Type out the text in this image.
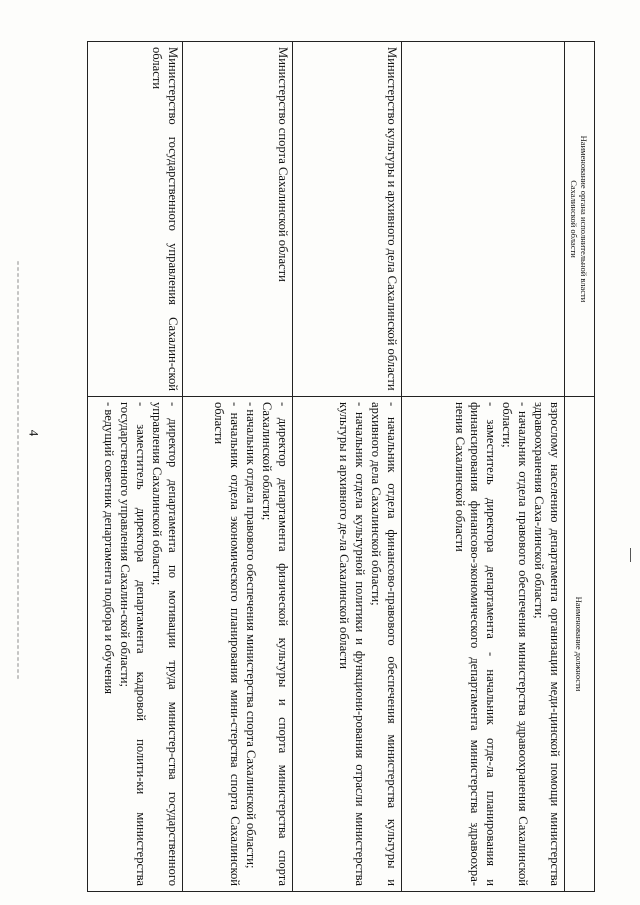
4
Наименование органа исполнительной власти
Сахалинской области	Наименование должности

	взрослому населению департамента организации меди-цинской помощи министерства здравоохранения Саха-линской области;
- начальник отдела правового обеспечения министерства здравоохранения Сахалинской области;
- заместитель директора департамента - начальник отде-ла планирования и финансирования финансово-экономического департамента министерства здравоохра-нения Сахалинской области

Министерство культуры и архивного дела Сахалинской области	- начальник отдела финансово-правового обеспечения министерства культуры и архивного дела Сахалинской области;
- начальник отдела культурной политики и функциони-рования отрасли министерства культуры и архивного де-ла Сахалинской области

Министерство спорта Сахалинской области	- директор департамента физической культуры и спорта министерства спорта Сахалинской области;
- начальник отдела правового обеспечения министерства спорта Сахалинской области;
- начальник отдела экономического планирования мини-стерства спорта Сахалинской области

Министерство государственного управления Сахалин-ской области	- директор департамента по мотивации труда министер-ства государственного управления Сахалинской области;
- заместитель директора департамента кадровой полити-ки министерства государственного управления Сахалин-ской области;
- ведущий советник департамента подбора и обучения
